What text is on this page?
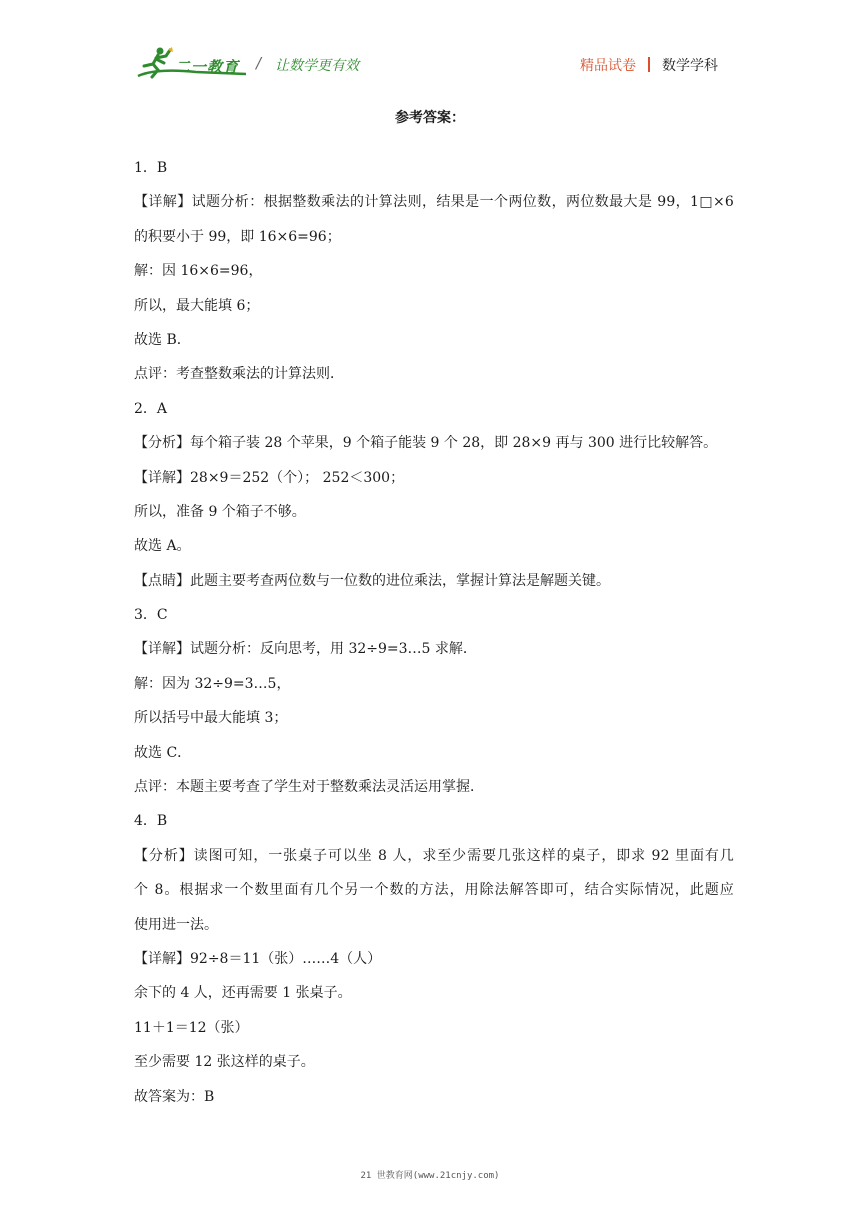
二一教育 / 让数学更有效	精品试卷 数学学科
参考答案：
1．B
【详解】试题分析：根据整数乘法的计算法则，结果是一个两位数，两位数最大是 99，1□×6
的积要小于 99，即 16×6=96；
解：因 16×6=96，
所以，最大能填 6；
故选 B．
点评：考查整数乘法的计算法则．
2．A
【分析】每个箱子装 28 个苹果，9 个箱子能装 9 个 28，即 28×9 再与 300 进行比较解答。
【详解】28×9＝252（个）； 252＜300；
所以，准备 9 个箱子不够。
故选 A。
【点睛】此题主要考查两位数与一位数的进位乘法，掌握计算法是解题关键。
3．C
【详解】试题分析：反向思考，用 32÷9=3…5 求解．
解：因为 32÷9=3…5，
所以括号中最大能填 3；
故选 C．
点评：本题主要考查了学生对于整数乘法灵活运用掌握．
4．B
【分析】读图可知，一张桌子可以坐 8 人，求至少需要几张这样的桌子，即求 92 里面有几
个 8。根据求一个数里面有几个另一个数的方法，用除法解答即可，结合实际情况，此题应
使用进一法。
【详解】92÷8＝11（张）……4（人）
余下的 4 人，还再需要 1 张桌子。
11＋1＝12（张）
至少需要 12 张这样的桌子。
故答案为：B
21 世教育网(www.21cnjy.com)
